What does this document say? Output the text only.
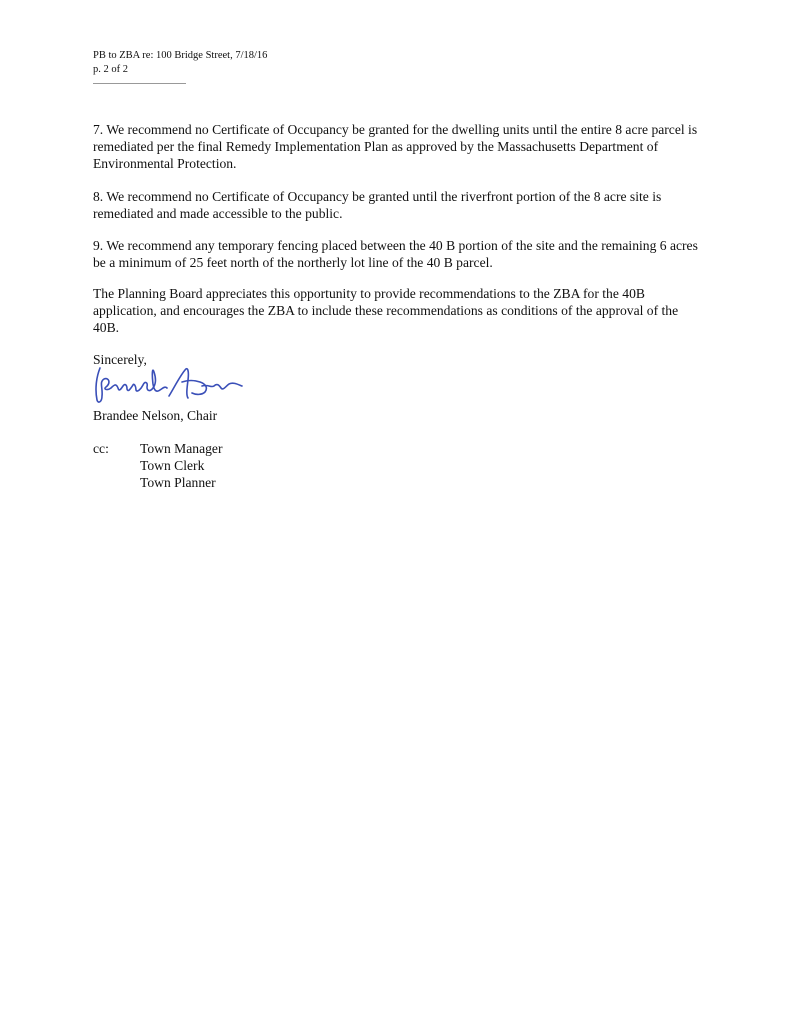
PB to ZBA re: 100 Bridge Street, 7/18/16
p. 2 of 2
7. We recommend no Certificate of Occupancy be granted for the dwelling units until the entire 8 acre parcel is remediated per the final Remedy Implementation Plan as approved by the Massachusetts Department of Environmental Protection.
8. We recommend no Certificate of Occupancy be granted until the riverfront portion of the 8 acre site is remediated and made accessible to the public.
9. We recommend any temporary fencing placed between the 40 B portion of the site and the remaining 6 acres be a minimum of 25 feet north of the northerly lot line of the 40 B parcel.
The Planning Board appreciates this opportunity to provide recommendations to the ZBA for the 40B application, and encourages the ZBA to include these recommendations as conditions of the approval of the 40B.
Sincerely,
Brandee Nelson, Chair
cc: Town Manager
Town Clerk
Town Planner
